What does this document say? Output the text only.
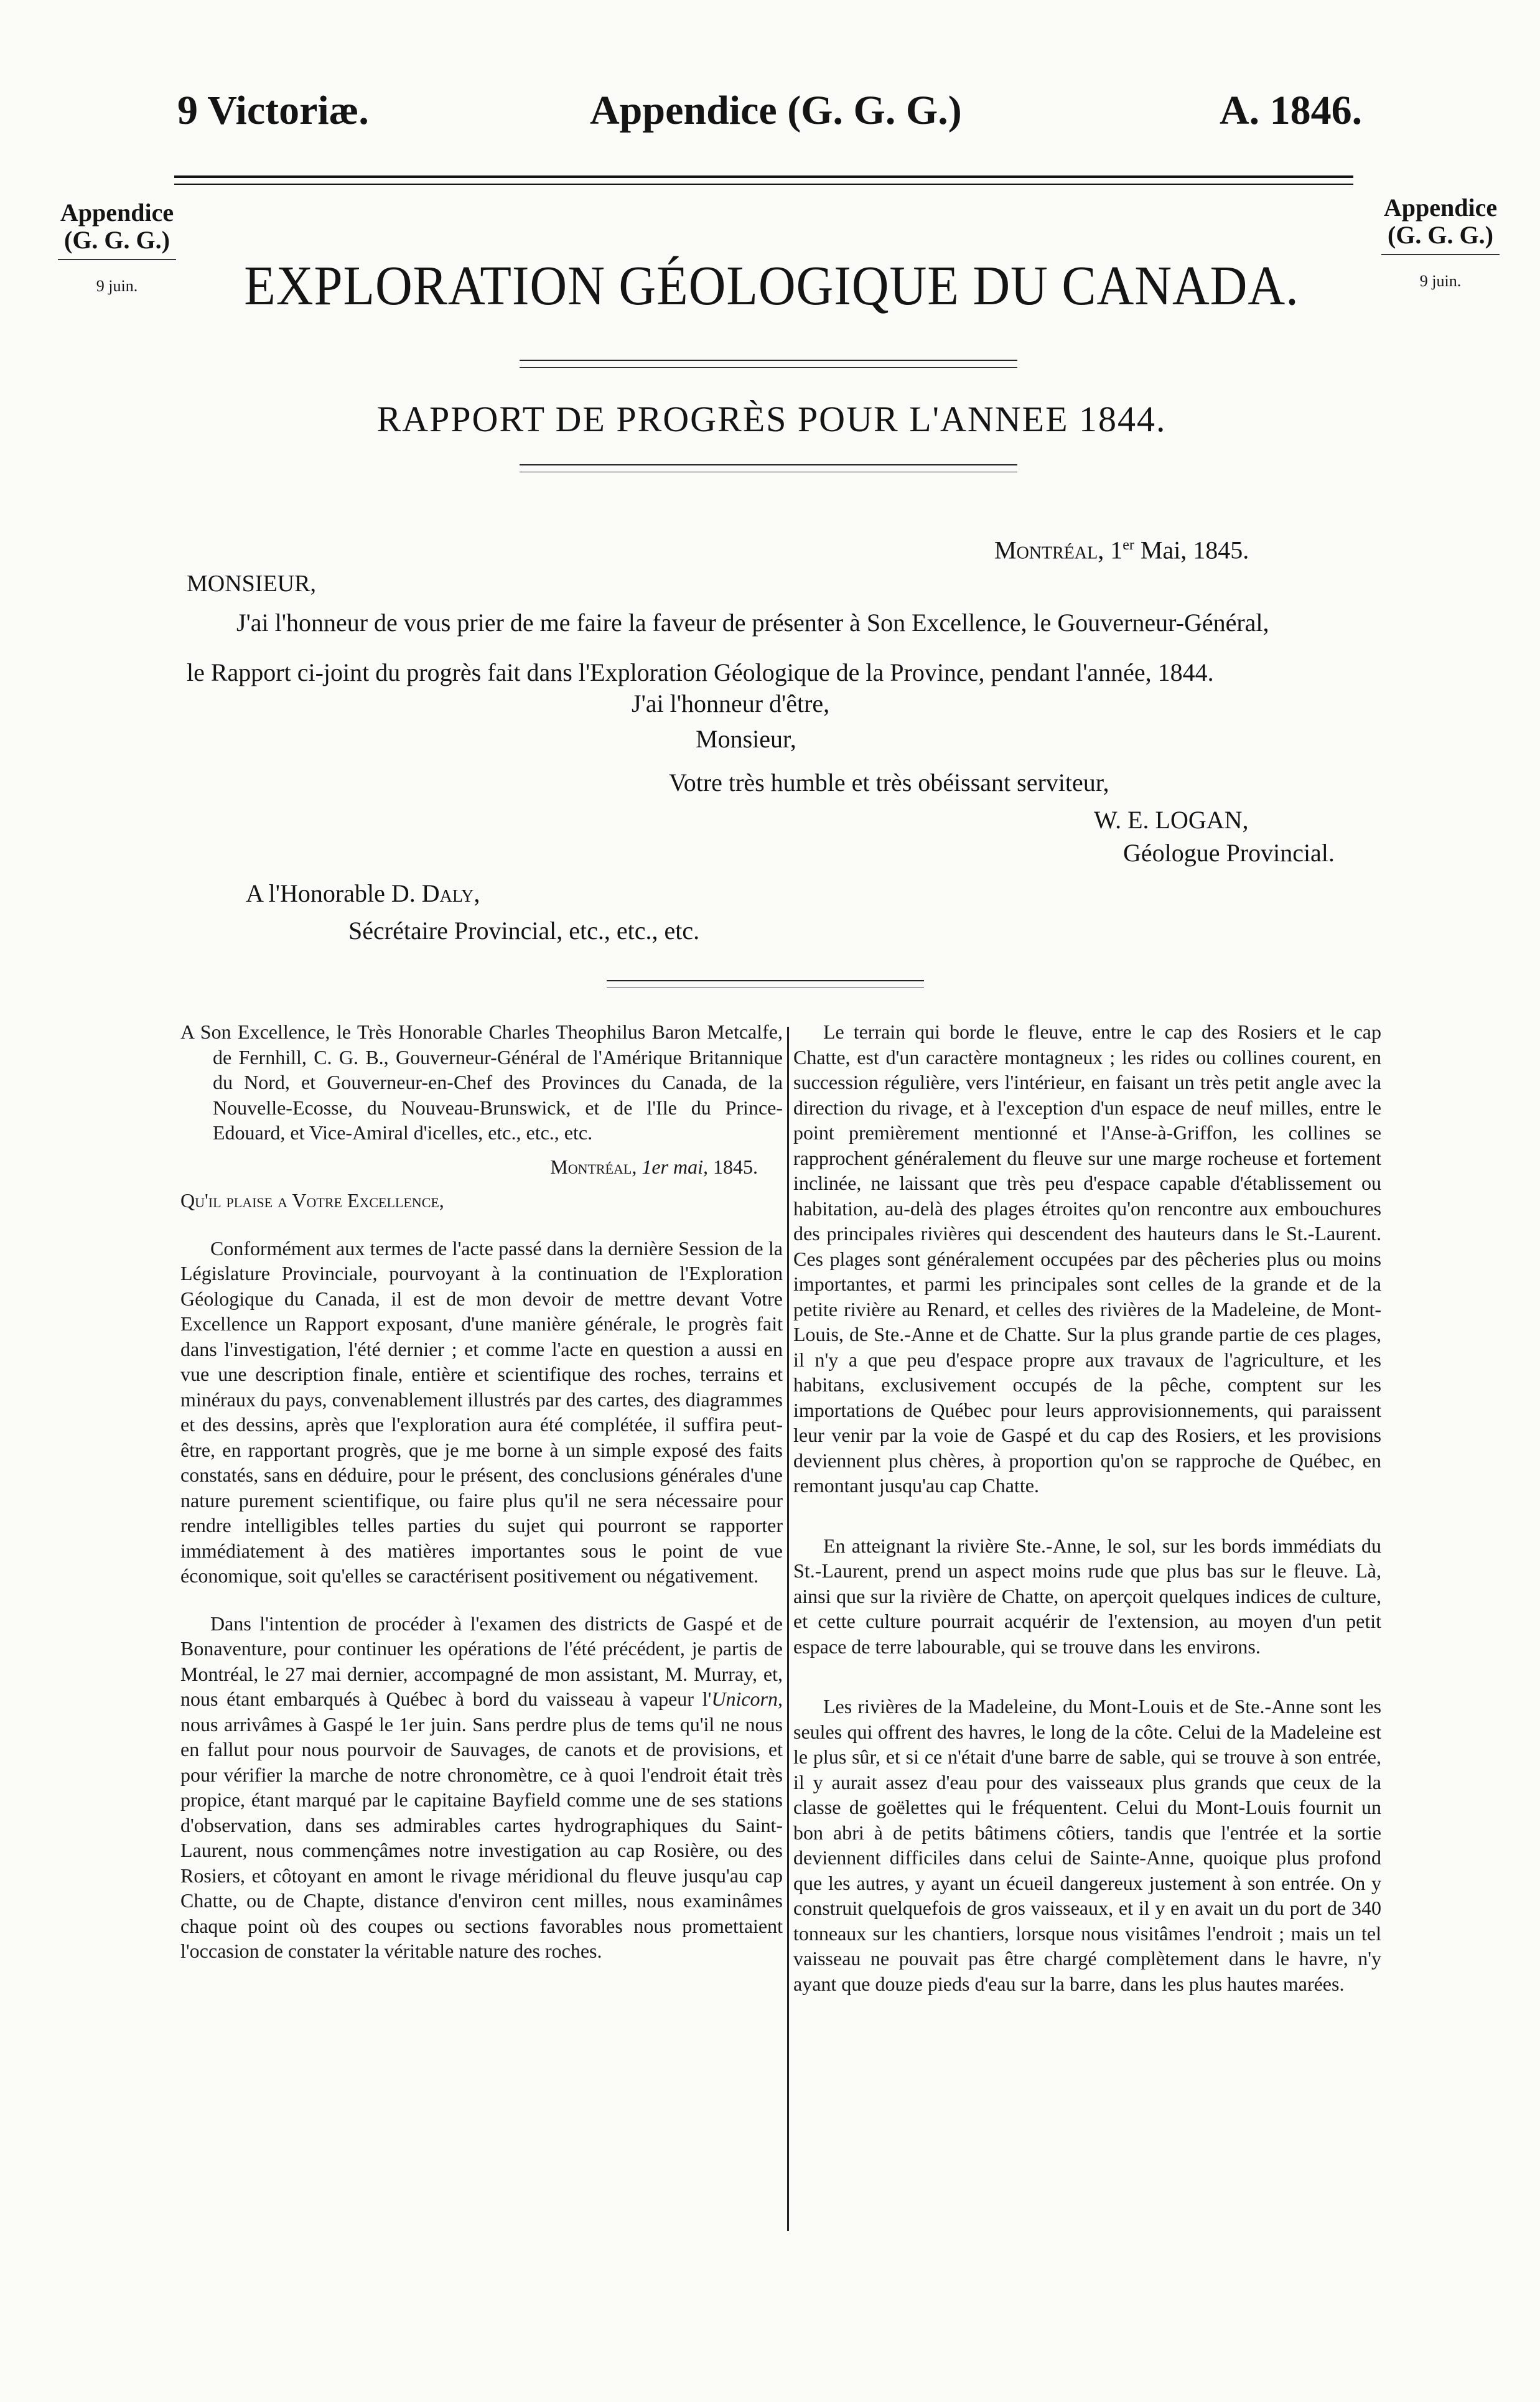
9 Victoriæ.	Appendice (G. G. G.)	A. 1846.
Appendice
(G. G. G.)
9 juin.
Appendice
(G. G. G.)
9 juin.
EXPLORATION GÉOLOGIQUE DU CANADA.
RAPPORT DE PROGRÈS POUR L'ANNEE 1844.
Montréal, 1er Mai, 1845.
MONSIEUR,
J'ai l'honneur de vous prier de me faire la faveur de présenter à Son Excellence, le Gouverneur-Général,
le Rapport ci-joint du progrès fait dans l'Exploration Géologique de la Province, pendant l'année, 1844.
J'ai l'honneur d'être,
Monsieur,
Votre très humble et très obéissant serviteur,
W. E. LOGAN,
Géologue Provincial.
A l'Honorable D. Daly,
Sécrétaire Provincial, etc., etc., etc.

A Son Excellence, le Très Honorable Charles Theophilus Baron Metcalfe, de Fernhill, C. G. B., Gouverneur-Général de l'Amérique Britannique du Nord, et Gouverneur-en-Chef des Provinces du Canada, de la Nouvelle-Ecosse, du Nouveau-Brunswick, et de l'Ile du Prince-Edouard, et Vice-Amiral d'icelles, etc., etc., etc.

Montréal, 1er mai, 1845.

Qu'il plaise a Votre Excellence,

Conformément aux termes de l'acte passé dans la dernière Session de la Législature Provinciale, pourvoyant à la continuation de l'Exploration Géologique du Canada, il est de mon devoir de mettre devant Votre Excellence un Rapport exposant, d'une manière générale, le progrès fait dans l'investigation, l'été dernier ; et comme l'acte en question a aussi en vue une description finale, entière et scientifique des roches, terrains et minéraux du pays, convenablement illustrés par des cartes, des diagrammes et des dessins, après que l'exploration aura été complétée, il suffira peut-être, en rapportant progrès, que je me borne à un simple exposé des faits constatés, sans en déduire, pour le présent, des conclusions générales d'une nature purement scientifique, ou faire plus qu'il ne sera nécessaire pour rendre intelligibles telles parties du sujet qui pourront se rapporter immédiatement à des matières importantes sous le point de vue économique, soit qu'elles se caractérisent positivement ou négativement.

Dans l'intention de procéder à l'examen des districts de Gaspé et de Bonaventure, pour continuer les opérations de l'été précédent, je partis de Montréal, le 27 mai dernier, accompagné de mon assistant, M. Murray, et, nous étant embarqués à Québec à bord du vaisseau à vapeur l'Unicorn, nous arrivâmes à Gaspé le 1er juin. Sans perdre plus de tems qu'il ne nous en fallut pour nous pourvoir de Sauvages, de canots et de provisions, et pour vérifier la marche de notre chronomètre, ce à quoi l'endroit était très propice, étant marqué par le capitaine Bayfield comme une de ses stations d'observation, dans ses admirables cartes hydrographiques du Saint-Laurent, nous commençâmes notre investigation au cap Rosière, ou des Rosiers, et côtoyant en amont le rivage méridional du fleuve jusqu'au cap Chatte, ou de Chapte, distance d'environ cent milles, nous examinâmes chaque point où des coupes ou sections favorables nous promettaient l'occasion de constater la véritable nature des roches.

Le terrain qui borde le fleuve, entre le cap des Rosiers et le cap Chatte, est d'un caractère montagneux ; les rides ou collines courent, en succession régulière, vers l'intérieur, en faisant un très petit angle avec la direction du rivage, et à l'exception d'un espace de neuf milles, entre le point premièrement mentionné et l'Anse-à-Griffon, les collines se rapprochent généralement du fleuve sur une marge rocheuse et fortement inclinée, ne laissant que très peu d'espace capable d'établissement ou habitation, au-delà des plages étroites qu'on rencontre aux embouchures des principales rivières qui descendent des hauteurs dans le St.-Laurent. Ces plages sont généralement occupées par des pêcheries plus ou moins importantes, et parmi les principales sont celles de la grande et de la petite rivière au Renard, et celles des rivières de la Madeleine, de Mont-Louis, de Ste.-Anne et de Chatte. Sur la plus grande partie de ces plages, il n'y a que peu d'espace propre aux travaux de l'agriculture, et les habitans, exclusivement occupés de la pêche, comptent sur les importations de Québec pour leurs approvisionnements, qui paraissent leur venir par la voie de Gaspé et du cap des Rosiers, et les provisions deviennent plus chères, à proportion qu'on se rapproche de Québec, en remontant jusqu'au cap Chatte.

En atteignant la rivière Ste.-Anne, le sol, sur les bords immédiats du St.-Laurent, prend un aspect moins rude que plus bas sur le fleuve. Là, ainsi que sur la rivière de Chatte, on aperçoit quelques indices de culture, et cette culture pourrait acquérir de l'extension, au moyen d'un petit espace de terre labourable, qui se trouve dans les environs.

Les rivières de la Madeleine, du Mont-Louis et de Ste.-Anne sont les seules qui offrent des havres, le long de la côte. Celui de la Madeleine est le plus sûr, et si ce n'était d'une barre de sable, qui se trouve à son entrée, il y aurait assez d'eau pour des vaisseaux plus grands que ceux de la classe de goëlettes qui le fréquentent. Celui du Mont-Louis fournit un bon abri à de petits bâtimens côtiers, tandis que l'entrée et la sortie deviennent difficiles dans celui de Sainte-Anne, quoique plus profond que les autres, y ayant un écueil dangereux justement à son entrée. On y construit quelquefois de gros vaisseaux, et il y en avait un du port de 340 tonneaux sur les chantiers, lorsque nous visitâmes l'endroit ; mais un tel vaisseau ne pouvait pas être chargé complètement dans le havre, n'y ayant que douze pieds d'eau sur la barre, dans les plus hautes marées.
